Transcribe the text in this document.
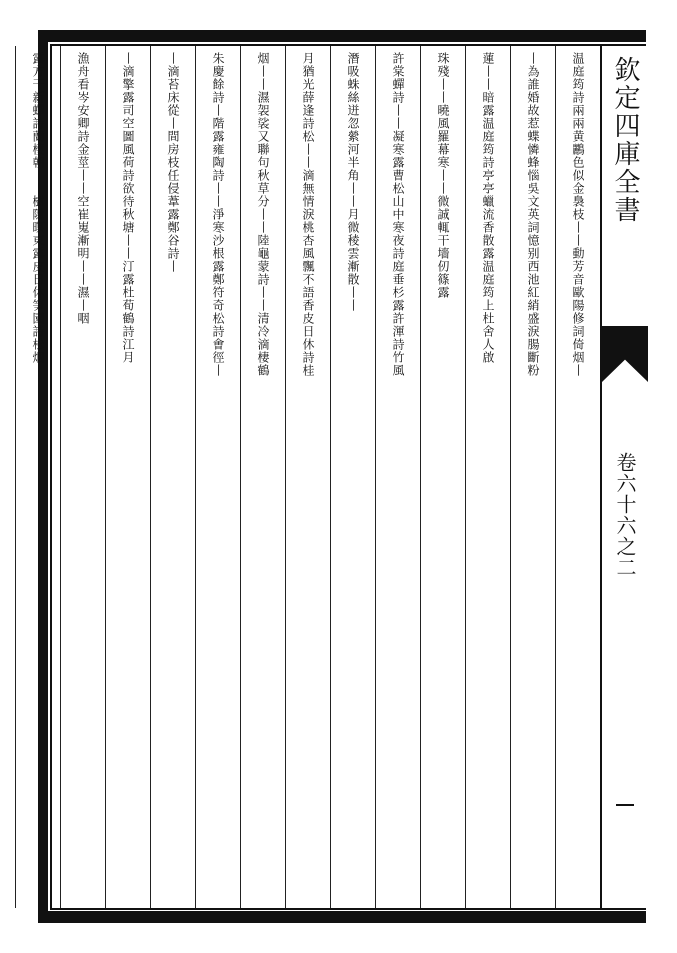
欽定四庫全書
卷六十六之二
温庭筠詩兩兩黄鸝色似金裊枝丨丨動芳音歐陽修詞倚烟丨
丨為誰婚故惹蝶憐蜂惱吳文英詞憶别西池紅綃盛淚腸斷粉
蓮丨丨暗露温庭筠詩亭亭蠟流香散露温庭筠上杜舍人啟
珠殘丨丨曉風羅幕寒丨丨微誠輒干墻仞篠露
許棠蟬詩丨丨凝寒露曹松山中寒夜詩庭垂杉露許渾詩竹風
潛吸蛛絲迸忽縈河半角丨丨月微稜雲漸散丨丨
月猶光薛逢詩松丨丨滴無情淚桃杏風飄不語香皮日休詩桂
烟丨丨濕袈裟又聯句秋草分丨丨陸龜蒙詩丨丨清冷滴棲鶴
朱慶餘詩丨階露雍陶詩丨丨淨寒沙根露鄭符奇松詩㑹徑丨
丨滴苔床從丨間房枝任侵葦露鄭谷詩丨
丨滴擎露司空圖風荷詩欲待秋塘丨丨汀露杜荀鶴詩江月
漁舟看岑安卿詩金莖丨丨空崔嵬漸明丨丨濕丨咽
露方干新蟬詩蘭棲朝丨丨樹隱暝東露皮日休笋園詩松烟丨
